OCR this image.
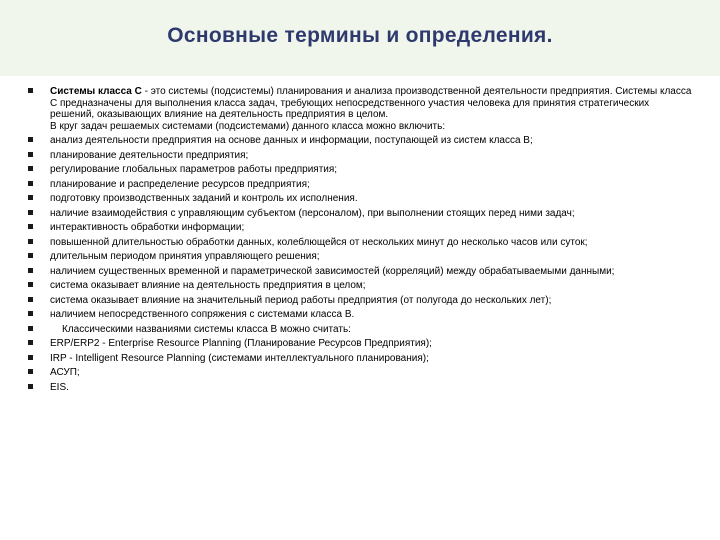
Основные термины и определения.
Системы класса С - это системы (подсистемы) планирования и анализа производственной деятельности предприятия. Системы класса С предназначены для выполнения класса задач, требующих непосредственного участия человека для принятия стратегических решений, оказывающих влияние на деятельность предприятия в целом.
В круг задач решаемых системами (подсистемами) данного класса можно включить:
анализ деятельности предприятия на основе данных и информации, поступающей из систем класса В;
планирование деятельности предприятия;
регулирование глобальных параметров работы предприятия;
планирование и распределение ресурсов предприятия;
подготовку производственных заданий и контроль их исполнения.
наличие взаимодействия с управляющим субъектом (персоналом), при выполнении стоящих перед ними задач;
интерактивность обработки информации;
повышенной длительностью обработки данных, колеблющейся от нескольких минут до несколько часов или суток;
длительным периодом принятия управляющего решения;
наличием существенных временной и параметрической зависимостей (корреляций) между обрабатываемыми данными;
система оказывает влияние на деятельность предприятия в целом;
система оказывает влияние на значительный период работы предприятия (от полугода до нескольких лет);
наличием непосредственного сопряжения с системами класса В.
Классическими названиями системы класса В можно считать:
ERP/ERP2 - Enterprise Resource Planning (Планирование Ресурсов Предприятия);
IRP - Intelligent Resource Planning (системами интеллектуального планирования);
АСУП;
EIS.
